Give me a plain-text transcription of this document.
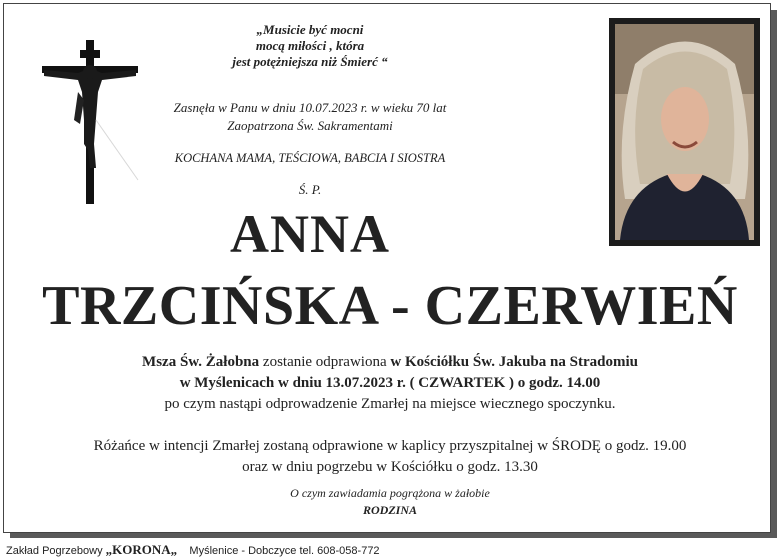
„Musicie być mocni
mocą miłości , która
jest potężniejsza niż Śmierć “
Zasnęła w Panu w dniu 10.07.2023 r. w wieku 70 lat
Zaopatrzona Św. Sakramentami
KOCHANA MAMA, TEŚCIOWA, BABCIA I SIOSTRA
Ś. P.
ANNA
TRZCIŃSKA - CZERWIEŃ
Msza Św. Żałobna zostanie odprawiona w Kościółku Św. Jakuba na Stradomiu
w Myślenicach w dniu 13.07.2023 r. ( CZWARTEK ) o godz. 14.00
po czym nastąpi odprowadzenie Zmarłej na miejsce wiecznego spoczynku.
Różańce w intencji Zmarłej zostaną odprawione w kaplicy przyszpitalnej w ŚRODĘ o godz. 19.00
oraz w dniu pogrzebu w Kościółku o godz. 13.30
O czym zawiadamia pogrążona w żałobie
RODZINA
Zakład Pogrzebowy „KORONA„ Myślenice - Dobczyce tel. 608-058-772
